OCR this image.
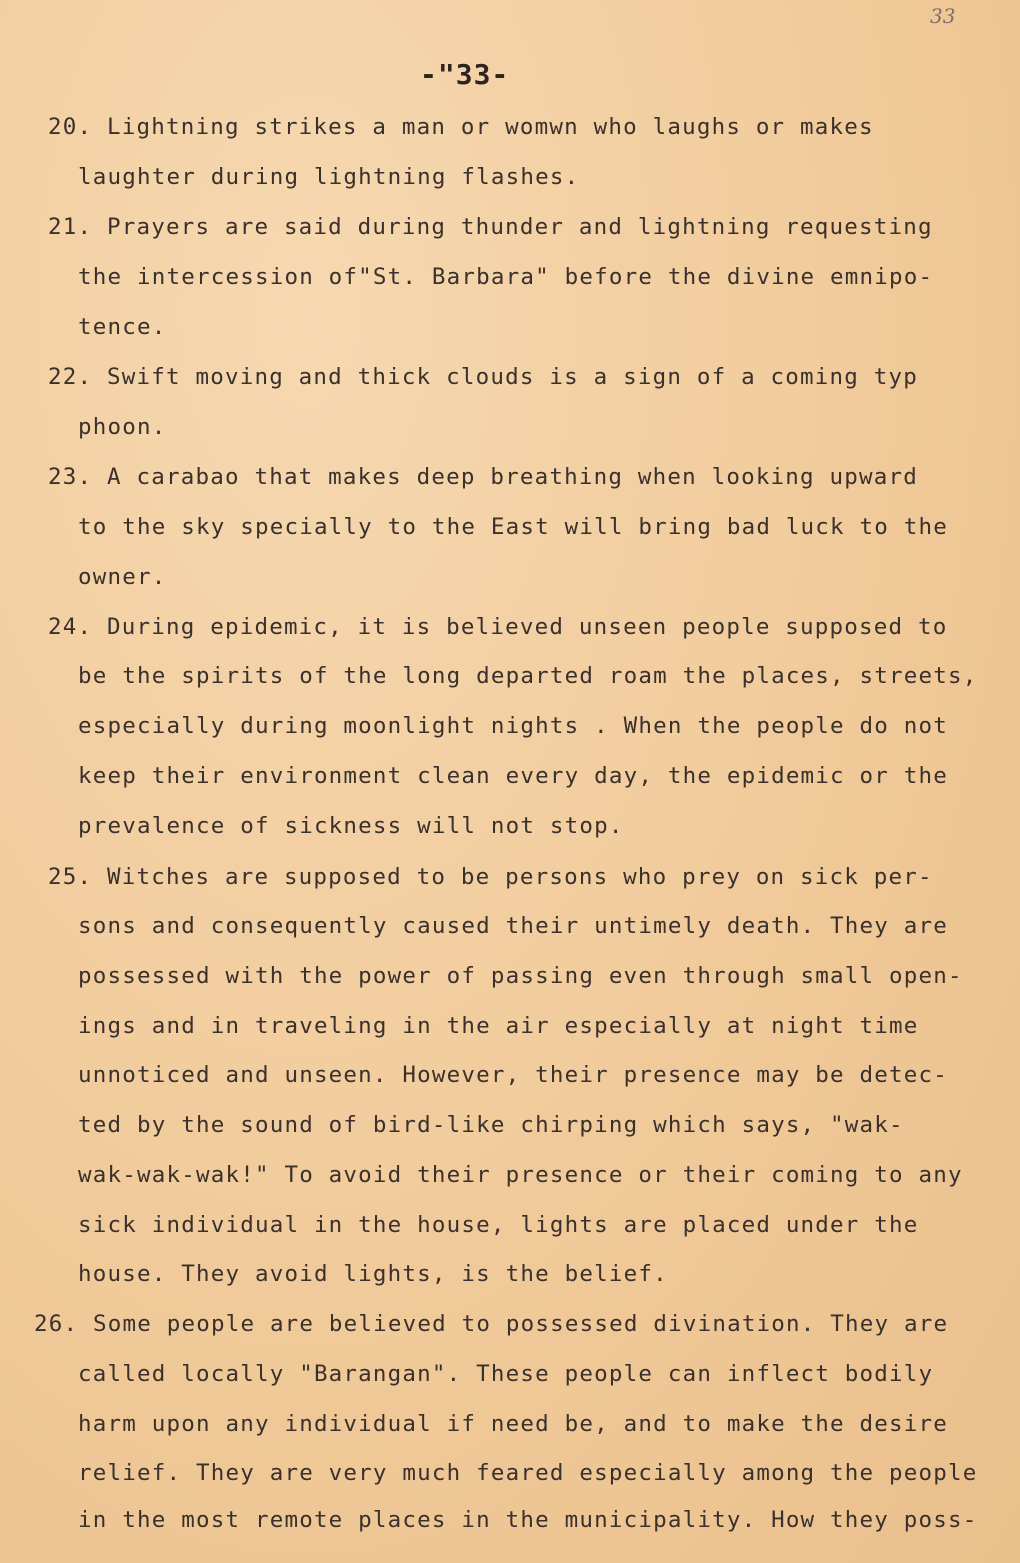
33
-"33-
20. Lightning strikes a man or womwn who laughs or makes
laughter during lightning flashes.
21. Prayers are said during thunder and lightning requesting
the intercession of"St. Barbara" before the divine emnipo-
tence.
22. Swift moving and thick clouds is a sign of a coming typ
phoon.
23. A carabao that makes deep breathing when looking upward
to the sky specially to the East will bring bad luck to the
owner.
24. During epidemic, it is believed unseen people supposed to
be the spirits of the long departed roam the places, streets,
especially during moonlight nights . When the people do not
keep their environment clean every day, the epidemic or the
prevalence of sickness will not stop.
25. Witches are supposed to be persons who prey on sick per-
sons and consequently caused their untimely death. They are
possessed with the power of passing even through small open-
ings and in traveling in the air especially at night time
unnoticed and unseen. However, their presence may be detec-
ted by the sound of bird-like chirping which says, "wak-
wak-wak-wak!" To avoid their presence or their coming to any
sick individual in the house, lights are placed under the
house. They avoid lights, is the belief.
26. Some people are believed to possessed divination. They are
called locally "Barangan". These people can inflect bodily
harm upon any individual if need be, and to make the desire
relief. They are very much feared especially among the people
in the most remote places in the municipality. How they poss-
